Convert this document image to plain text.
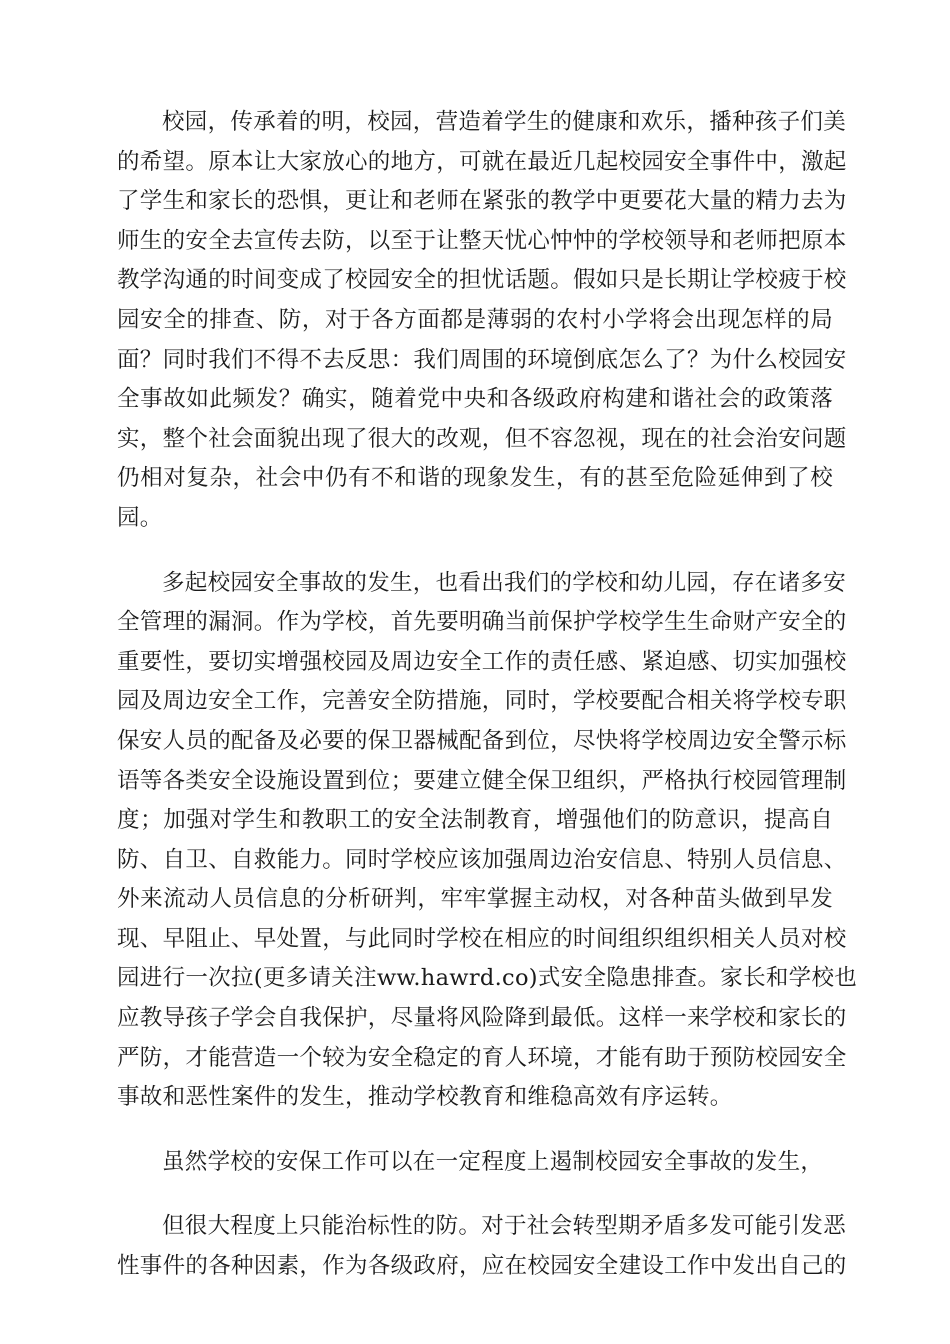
校园，传承着的明，校园，营造着学生的健康和欢乐，播种孩子们美
的希望。原本让大家放心的地方，可就在最近几起校园安全事件中，激起
了学生和家长的恐惧，更让和老师在紧张的教学中更要花大量的精力去为
师生的安全去宣传去防，以至于让整天忧心忡忡的学校领导和老师把原本
教学沟通的时间变成了校园安全的担忧话题。假如只是长期让学校疲于校
园安全的排查、防，对于各方面都是薄弱的农村小学将会出现怎样的局
面？同时我们不得不去反思：我们周围的环境倒底怎么了？为什么校园安
全事故如此频发？确实，随着党中央和各级政府构建和谐社会的政策落
实，整个社会面貌出现了很大的改观，但不容忽视，现在的社会治安问题
仍相对复杂，社会中仍有不和谐的现象发生，有的甚至危险延伸到了校
园。
多起校园安全事故的发生，也看出我们的学校和幼儿园，存在诸多安
全管理的漏洞。作为学校，首先要明确当前保护学校学生生命财产安全的
重要性，要切实增强校园及周边安全工作的责任感、紧迫感、切实加强校
园及周边安全工作，完善安全防措施，同时，学校要配合相关将学校专职
保安人员的配备及必要的保卫器械配备到位，尽快将学校周边安全警示标
语等各类安全设施设置到位；要建立健全保卫组织，严格执行校园管理制
度；加强对学生和教职工的安全法制教育，增强他们的防意识，提高自
防、自卫、自救能力。同时学校应该加强周边治安信息、特别人员信息、
外来流动人员信息的分析研判，牢牢掌握主动权，对各种苗头做到早发
现、早阻止、早处置，与此同时学校在相应的时间组织组织相关人员对校
园进行一次拉(更多请关注ww.hawrd.co)式安全隐患排查。家长和学校也
应教导孩子学会自我保护，尽量将风险降到最低。这样一来学校和家长的
严防，才能营造一个较为安全稳定的育人环境，才能有助于预防校园安全
事故和恶性案件的发生，推动学校教育和维稳高效有序运转。
虽然学校的安保工作可以在一定程度上遏制校园安全事故的发生，
但很大程度上只能治标性的防。对于社会转型期矛盾多发可能引发恶
性事件的各种因素，作为各级政府，应在校园安全建设工作中发出自己的
